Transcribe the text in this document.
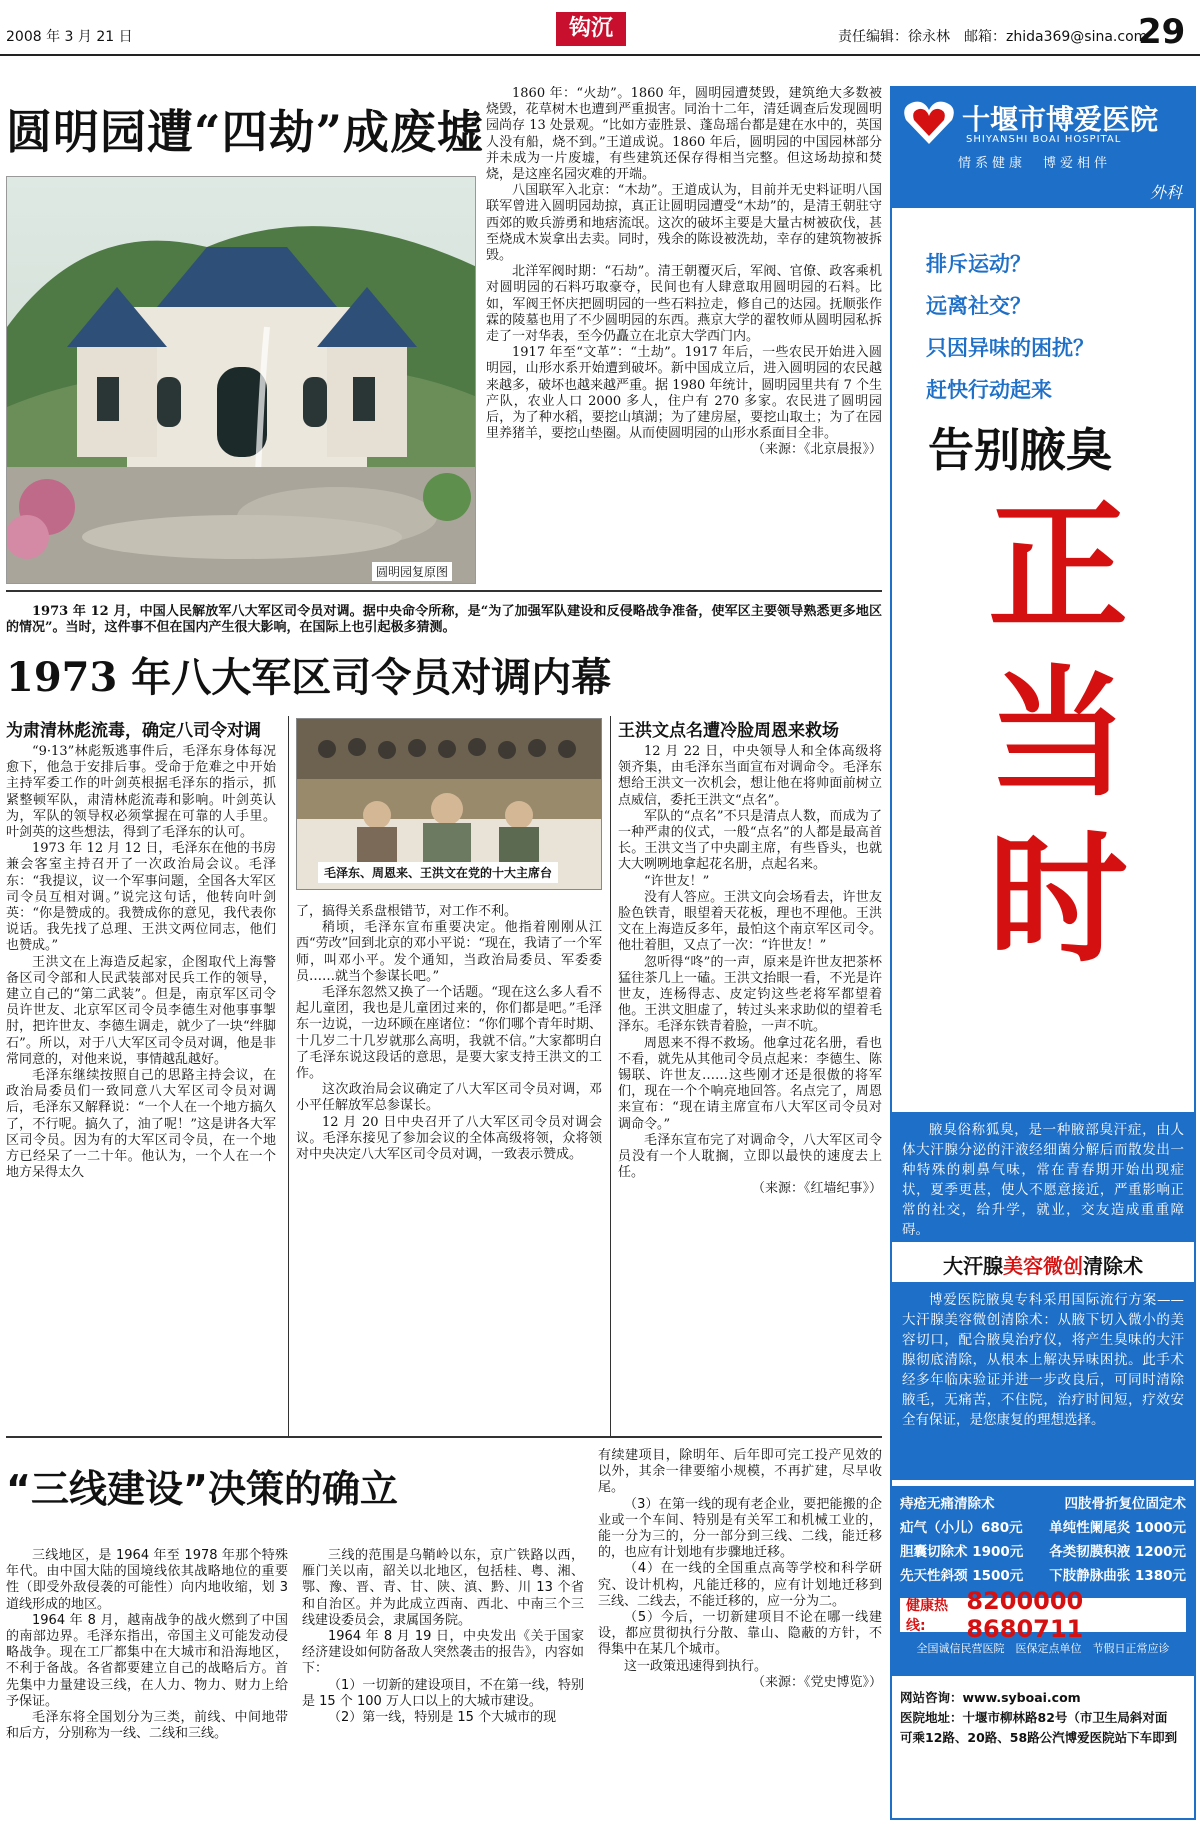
2008 年 3 月 21 日	钩沉	责任编辑：徐永林　邮箱：zhida369@sina.com
29
圆明园遭“四劫”成废墟
圆明园复原图

1860 年：“火劫”。1860 年，圆明园遭焚毁，建筑绝大多数被烧毁，花草树木也遭到严重损害。同治十二年，清廷调查后发现圆明园尚存 13 处景观。“比如方壶胜景、蓬岛瑶台都是建在水中的，英国人没有船，烧不到。”王道成说。1860 年后，圆明园的中国园林部分并未成为一片废墟，有些建筑还保存得相当完整。但这场劫掠和焚烧，是这座名园灾难的开端。

八国联军入北京：“木劫”。王道成认为，目前并无史料证明八国联军曾进入圆明园劫掠，真正让圆明园遭受“木劫”的，是清王朝驻守西郊的败兵游勇和地痞流氓。这次的破坏主要是大量古树被砍伐，甚至烧成木炭拿出去卖。同时，残余的陈设被洗劫，幸存的建筑物被拆毁。

北洋军阀时期：“石劫”。清王朝覆灭后，军阀、官僚、政客乘机对圆明园的石料巧取豪夺，民间也有人肆意取用圆明园的石料。比如，军阀王怀庆把圆明园的一些石料拉走，修自己的达园。抚顺张作霖的陵墓也用了不少圆明园的东西。燕京大学的翟牧师从圆明园私拆走了一对华表，至今仍矗立在北京大学西门内。

1917 年至“文革”：“土劫”。1917 年后，一些农民开始进入圆明园，山形水系开始遭到破坏。新中国成立后，进入圆明园的农民越来越多，破坏也越来越严重。据 1980 年统计，圆明园里共有 7 个生产队，农业人口 2000 多人，住户有 270 多家。农民进了圆明园后，为了种水稻，要挖山填湖；为了建房屋，要挖山取土；为了在园里养猪羊，要挖山垫圈。从而使圆明园的山形水系面目全非。

（来源：《北京晨报》）

1973 年 12 月，中国人民解放军八大军区司令员对调。据中央命令所称，是“为了加强军队建设和反侵略战争准备，使军区主要领导熟悉更多地区的情况”。当时，这件事不但在国内产生很大影响，在国际上也引起极多猜测。

1973 年八大军区司令员对调内幕
为肃清林彪流毒，确定八司令对调	王洪文点名遭冷脸周恩来救场

“9·13”林彪叛逃事件后，毛泽东身体每况愈下，他急于安排后事。受命于危难之中开始主持军委工作的叶剑英根据毛泽东的指示，抓紧整顿军队，肃清林彪流毒和影响。叶剑英认为，军队的领导权必须掌握在可靠的人手里。叶剑英的这些想法，得到了毛泽东的认可。

1973 年 12 月 12 日，毛泽东在他的书房兼会客室主持召开了一次政治局会议。毛泽东：“我提议，议一个军事问题，全国各大军区司令员互相对调。”说完这句话，他转向叶剑英：“你是赞成的。我赞成你的意见，我代表你说话。我先找了总理、王洪文两位同志，他们也赞成。”

王洪文在上海造反起家，企图取代上海警备区司令部和人民武装部对民兵工作的领导，建立自己的“第二武装”。但是，南京军区司令员许世友、北京军区司令员李德生对他事事掣肘，把许世友、李德生调走，就少了一块“绊脚石”。所以，对于八大军区司令员对调，他是非常同意的，对他来说，事情越乱越好。

毛泽东继续按照自己的思路主持会议，在政治局委员们一致同意八大军区司令员对调后，毛泽东又解释说：“一个人在一个地方搞久了，不行呢。搞久了，油了呢！”这是讲各大军区司令员。因为有的大军区司令员，在一个地方已经呆了一二十年。他认为，一个人在一个地方呆得太久

毛泽东、周恩来、王洪文在党的十大主席台

了，搞得关系盘根错节，对工作不利。

稍顷，毛泽东宣布重要决定。他指着刚刚从江西“劳改”回到北京的邓小平说：“现在，我请了一个军师，叫邓小平。发个通知，当政治局委员、军委委员……就当个参谋长吧。”

毛泽东忽然又换了一个话题。“现在这么多人看不起儿童团，我也是儿童团过来的，你们都是吧。”毛泽东一边说，一边环顾在座诸位：“你们哪个青年时期、十几岁二十几岁就那么高明，我就不信。”大家都明白了毛泽东说这段话的意思，是要大家支持王洪文的工作。

这次政治局会议确定了八大军区司令员对调，邓小平任解放军总参谋长。

12 月 20 日中央召开了八大军区司令员对调会议。毛泽东接见了参加会议的全体高级将领，众将领对中央决定八大军区司令员对调，一致表示赞成。

12 月 22 日，中央领导人和全体高级将领齐集，由毛泽东当面宣布对调命令。毛泽东想给王洪文一次机会，想让他在将帅面前树立点威信，委托王洪文“点名”。

军队的“点名”不只是清点人数，而成为了一种严肃的仪式，一般“点名”的人都是最高首长。王洪文当了中央副主席，有些昏头，也就大大咧咧地拿起花名册，点起名来。

“许世友！”

没有人答应。王洪文向会场看去，许世友脸色铁青，眼望着天花板，理也不理他。王洪文在上海造反多年，最怕这个南京军区司令。他壮着胆，又点了一次：“许世友！”

忽听得“咚”的一声，原来是许世友把茶杯猛往茶几上一磕。王洪文抬眼一看，不光是许世友，连杨得志、皮定钧这些老将军都望着他。王洪文胆虚了，转过头来求助似的望着毛泽东。毛泽东铁青着脸，一声不吭。

周恩来不得不救场。他拿过花名册，看也不看，就先从其他司令员点起来：李德生、陈锡联、许世友……这些刚才还是很傲的将军们，现在一个个响亮地回答。名点完了，周恩来宣布：“现在请主席宣布八大军区司令员对调命令。”

毛泽东宣布完了对调命令，八大军区司令员没有一个人耽搁，立即以最快的速度去上任。

（来源：《红墙纪事》）

“三线建设”决策的确立

三线地区，是 1964 年至 1978 年那个特殊年代。由中国大陆的国境线依其战略地位的重要性（即受外敌侵袭的可能性）向内地收缩，划 3 道线形成的地区。

1964 年 8 月，越南战争的战火燃到了中国的南部边界。毛泽东指出，帝国主义可能发动侵略战争。现在工厂都集中在大城市和沿海地区，不利于备战。各省都要建立自己的战略后方。首先集中力量建设三线，在人力、物力、财力上给予保证。

毛泽东将全国划分为三类，前线、中间地带和后方，分别称为一线、二线和三线。

三线的范围是乌鞘岭以东，京广铁路以西，雁门关以南，韶关以北地区，包括桂、粤、湘、鄂、豫、晋、青、甘、陕、滇、黔、川 13 个省和自治区。并为此成立西南、西北、中南三个三线建设委员会，隶属国务院。

1964 年 8 月 19 日，中央发出《关于国家经济建设如何防备敌人突然袭击的报告》，内容如下：

（1）一切新的建设项目，不在第一线，特别是 15 个 100 万人口以上的大城市建设。

（2）第一线，特别是 15 个大城市的现

有续建项目，除明年、后年即可完工投产见效的以外，其余一律要缩小规模，不再扩建，尽早收尾。

（3）在第一线的现有老企业，要把能搬的企业或一个车间、特别是有关军工和机械工业的，能一分为三的，分一部分到三线、二线，能迁移的，也应有计划地有步骤地迁移。

（4）在一线的全国重点高等学校和科学研究、设计机构，凡能迁移的，应有计划地迁移到三线、二线去，不能迁移的，应一分为二。

（5）今后，一切新建项目不论在哪一线建设，都应贯彻执行分散、靠山、隐蔽的方针，不得集中在某几个城市。

这一政策迅速得到执行。

（来源：《党史博览》）

十堰市博爱医院
SHIYANSHI BOAI HOSPITAL
情系健康　博爱相伴
外科
排斥运动？
远离社交？
只因异味的困扰？
赶快行动起来
告别腋臭
正
当
时
腋臭俗称狐臭，是一种腋部臭汗症，由人体大汗腺分泌的汗液经细菌分解后而散发出一种特殊的刺鼻气味，常在青春期开始出现症状，夏季更甚，使人不愿意接近，严重影响正常的社交，给升学，就业，交友造成重重障碍。
大汗腺美容微创清除术
博爱医院腋臭专科采用国际流行方案——大汗腺美容微创清除术：从腋下切入微小的美容切口，配合腋臭治疗仪，将产生臭味的大汗腺彻底清除，从根本上解决异味困扰。此手术经多年临床验证并进一步改良后，可同时清除腋毛，无痛苦，不住院，治疗时间短，疗效安全有保证，是您康复的理想选择。
痔疮无痛清除术	四肢骨折复位固定术
疝气（小儿）680元 单纯性阑尾炎 1000元
胆囊切除术 1900元 各类韧膜积液 1200元
先天性斜颈 1500元 下肢静脉曲张 1380元
健康热线:
8200000 8680711
全国诚信民营医院　医保定点单位　节假日正常应诊
网站咨询：www.syboai.com
医院地址：十堰市柳林路82号（市卫生局斜对面
可乘12路、20路、58路公汽博爱医院站下车即到
